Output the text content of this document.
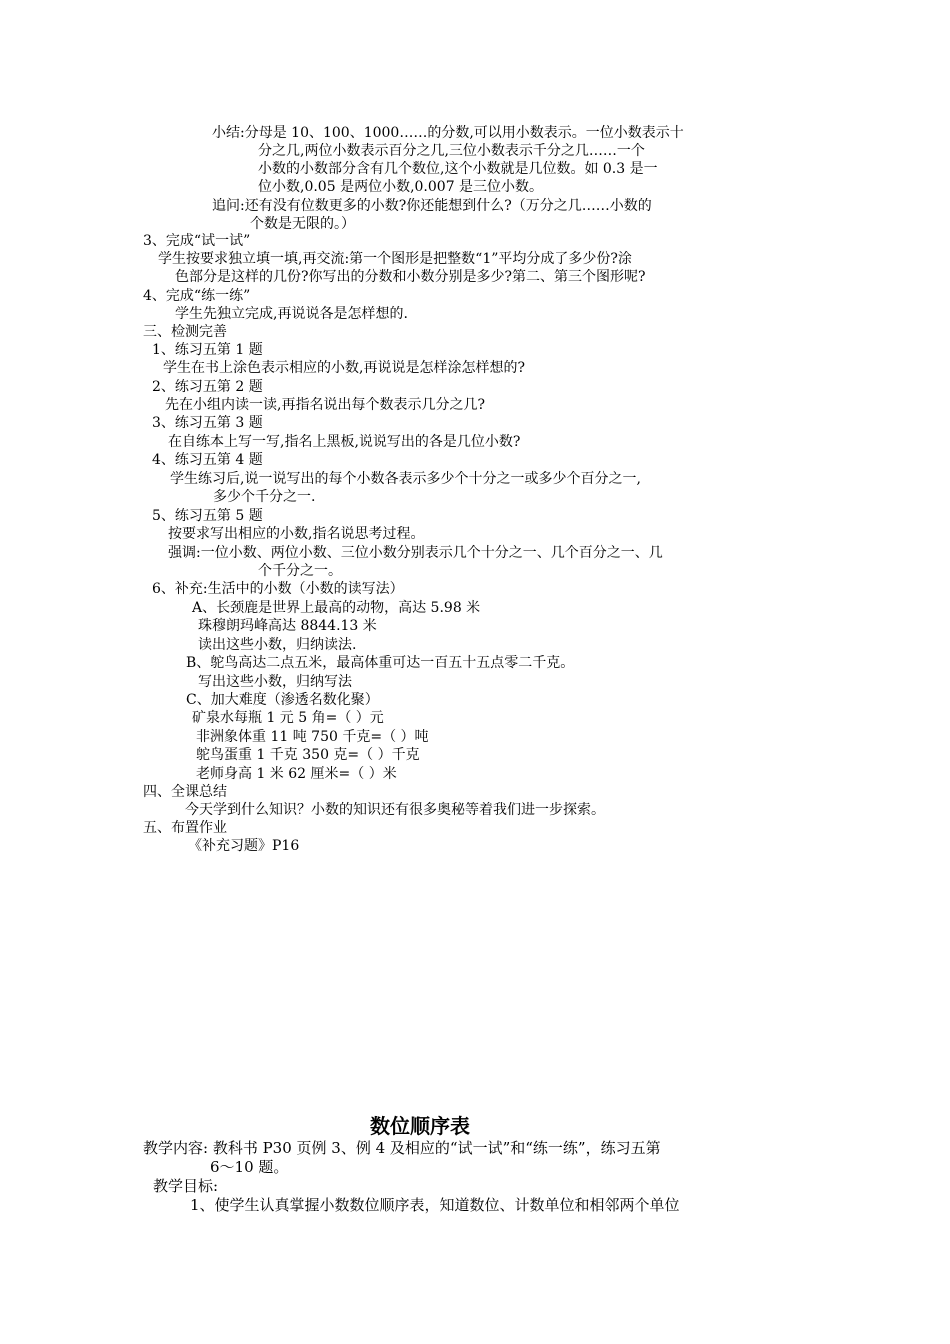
小结:分母是 10、100、1000……的分数,可以用小数表示。一位小数表示十

分之几,两位小数表示百分之几,三位小数表示千分之几……一个

小数的小数部分含有几个数位,这个小数就是几位数。如 0.3 是一

位小数,0.05 是两位小数,0.007 是三位小数。

追问:还有没有位数更多的小数?你还能想到什么?（万分之几……小数的

个数是无限的。）

3、完成“试一试”

学生按要求独立填一填,再交流:第一个图形是把整数“1”平均分成了多少份?涂

色部分是这样的几份?你写出的分数和小数分别是多少?第二、第三个图形呢?

4、完成“练一练”

学生先独立完成,再说说各是怎样想的.

三、检测完善

1、练习五第 1 题

学生在书上涂色表示相应的小数,再说说是怎样涂怎样想的?

2、练习五第 2 题

先在小组内读一读,再指名说出每个数表示几分之几?

3、练习五第 3 题

在自练本上写一写,指名上黑板,说说写出的各是几位小数?

4、练习五第 4 题

学生练习后,说一说写出的每个小数各表示多少个十分之一或多少个百分之一,

多少个千分之一.

5、练习五第 5 题

按要求写出相应的小数,指名说思考过程。

强调:一位小数、两位小数、三位小数分别表示几个十分之一、几个百分之一、几

个千分之一。

6、补充:生活中的小数（小数的读写法）

A、长颈鹿是世界上最高的动物，高达 5.98 米

珠穆朗玛峰高达 8844.13 米

读出这些小数，归纳读法.

B、鸵鸟高达二点五米，最高体重可达一百五十五点零二千克。

写出这些小数，归纳写法

C、加大难度（渗透名数化聚）

矿泉水每瓶 1 元 5 角=（ ）元

非洲象体重 11 吨 750 千克=（ ）吨

鸵鸟蛋重 1 千克 350 克=（ ）千克

老师身高 1 米 62 厘米=（ ）米

四、全课总结

今天学到什么知识？小数的知识还有很多奥秘等着我们进一步探索。

五、布置作业

《补充习题》P16

数位顺序表

教学内容: 教科书 P30 页例 3、例 4 及相应的“试一试”和“练一练”，练习五第

6～10 题。

教学目标:

1、使学生认真掌握小数数位顺序表，知道数位、计数单位和相邻两个单位
